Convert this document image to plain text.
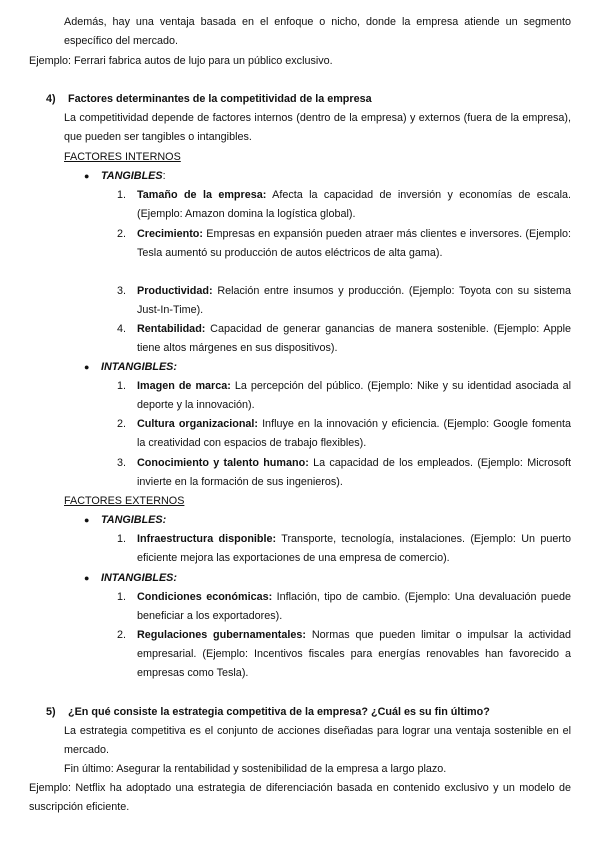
Además, hay una ventaja basada en el enfoque o nicho, donde la empresa atiende un segmento específico del mercado.

Ejemplo: Ferrari fabrica autos de lujo para un público exclusivo.

4) Factores determinantes de la competitividad de la empresa

La competitividad depende de factores internos (dentro de la empresa) y externos (fuera de la empresa), que pueden ser tangibles o intangibles.

FACTORES INTERNOS
● TANGIBLES:
1. Tamaño de la empresa: Afecta la capacidad de inversión y economías de escala. (Ejemplo: Amazon domina la logística global).

2. Crecimiento: Empresas en expansión pueden atraer más clientes e inversores. (Ejemplo: Tesla aumentó su producción de autos eléctricos de alta gama).

3. Productividad: Relación entre insumos y producción. (Ejemplo: Toyota con su sistema Just-In-Time).

4. Rentabilidad: Capacidad de generar ganancias de manera sostenible. (Ejemplo: Apple tiene altos márgenes en sus dispositivos).

● INTANGIBLES:
1. Imagen de marca: La percepción del público. (Ejemplo: Nike y su identidad asociada al deporte y la innovación).

2. Cultura organizacional: Influye en la innovación y eficiencia. (Ejemplo: Google fomenta la creatividad con espacios de trabajo flexibles).

3. Conocimiento y talento humano: La capacidad de los empleados. (Ejemplo: Microsoft invierte en la formación de sus ingenieros).

FACTORES EXTERNOS
● TANGIBLES:
1. Infraestructura disponible: Transporte, tecnología, instalaciones. (Ejemplo: Un puerto eficiente mejora las exportaciones de una empresa de comercio).

● INTANGIBLES:
1. Condiciones económicas: Inflación, tipo de cambio. (Ejemplo: Una devaluación puede beneficiar a los exportadores).

2. Regulaciones gubernamentales: Normas que pueden limitar o impulsar la actividad empresarial. (Ejemplo: Incentivos fiscales para energías renovables han favorecido a empresas como Tesla).

5) ¿En qué consiste la estrategia competitiva de la empresa? ¿Cuál es su fin último?

La estrategia competitiva es el conjunto de acciones diseñadas para lograr una ventaja sostenible en el mercado.

Fin último: Asegurar la rentabilidad y sostenibilidad de la empresa a largo plazo.

Ejemplo: Netflix ha adoptado una estrategia de diferenciación basada en contenido exclusivo y un modelo de suscripción eficiente.
